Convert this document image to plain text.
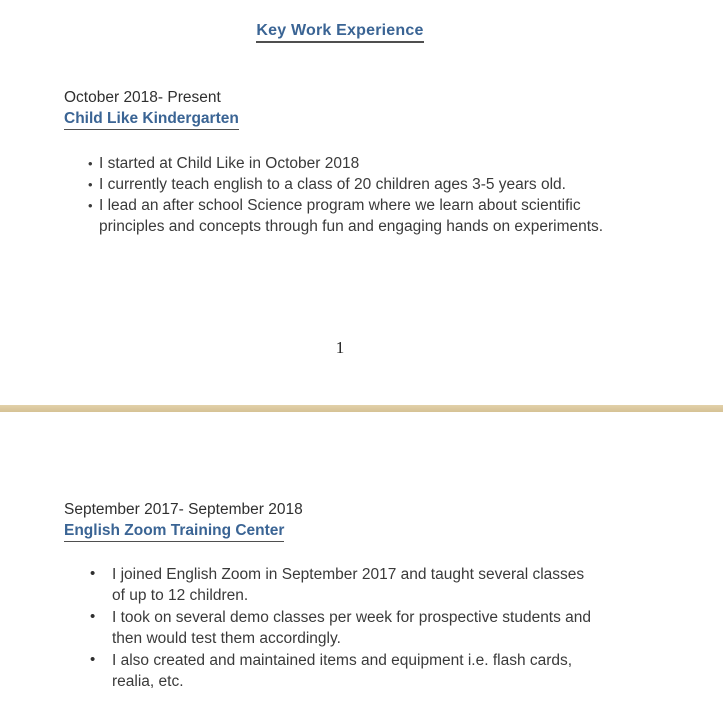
Key Work Experience
October 2018- Present
Child Like Kindergarten
• I started at Child Like in October 2018
• I currently teach english to a class of 20 children ages 3-5 years old.
• I lead an after school Science program where we learn about scientific principles and concepts through fun and engaging hands on experiments.
1
September 2017- September 2018
English Zoom Training Center
• I joined English Zoom in September 2017 and taught several classes of up to 12 children.
• I took on several demo classes per week for prospective students and then would test them accordingly.
• I also created and maintained items and equipment i.e. flash cards, realia, etc.
